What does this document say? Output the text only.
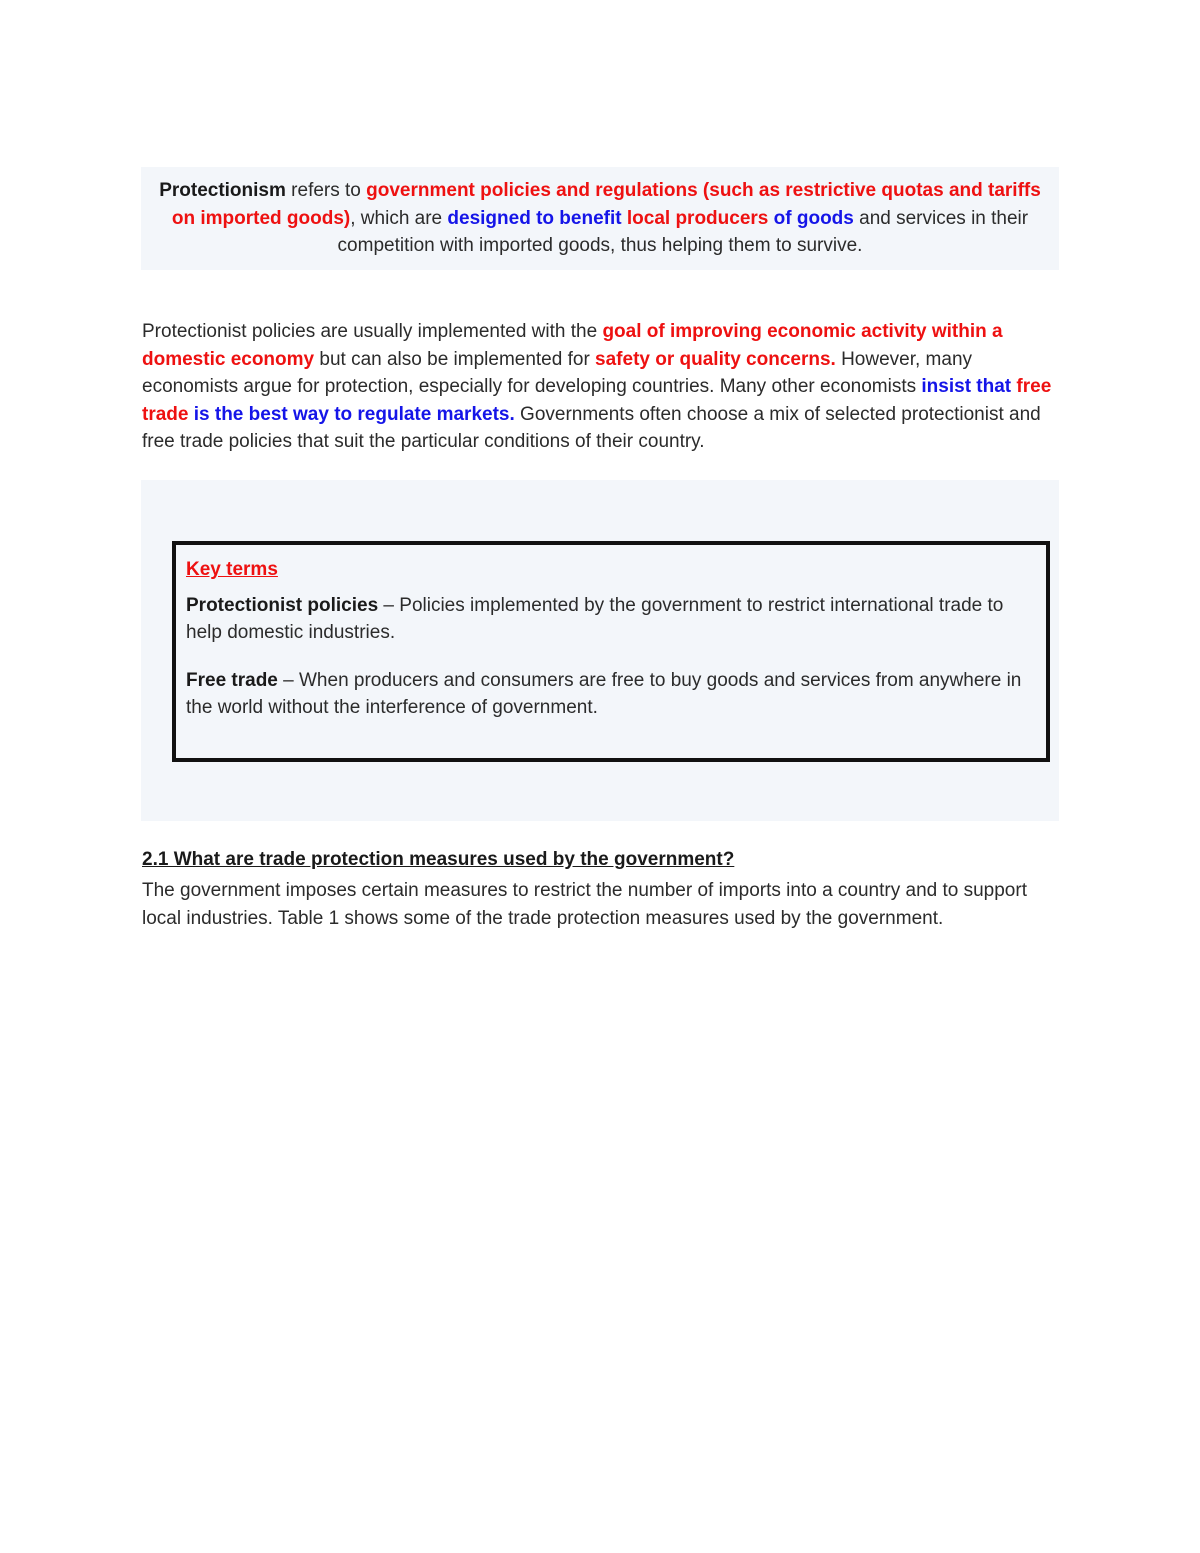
Protectionism refers to government policies and regulations (such as restrictive quotas and tariffs on imported goods), which are designed to benefit local producers of goods and services in their competition with imported goods, thus helping them to survive.
Protectionist policies are usually implemented with the goal of improving economic activity within a domestic economy but can also be implemented for safety or quality concerns. However, many economists argue for protection, especially for developing countries. Many other economists insist that free trade is the best way to regulate markets. Governments often choose a mix of selected protectionist and free trade policies that suit the particular conditions of their country.
Key terms
Protectionist policies – Policies implemented by the government to restrict international trade to help domestic industries.
Free trade – When producers and consumers are free to buy goods and services from anywhere in the world without the interference of government.
2.1 What are trade protection measures used by the government?
The government imposes certain measures to restrict the number of imports into a country and to support local industries. Table 1 shows some of the trade protection measures used by the government.
